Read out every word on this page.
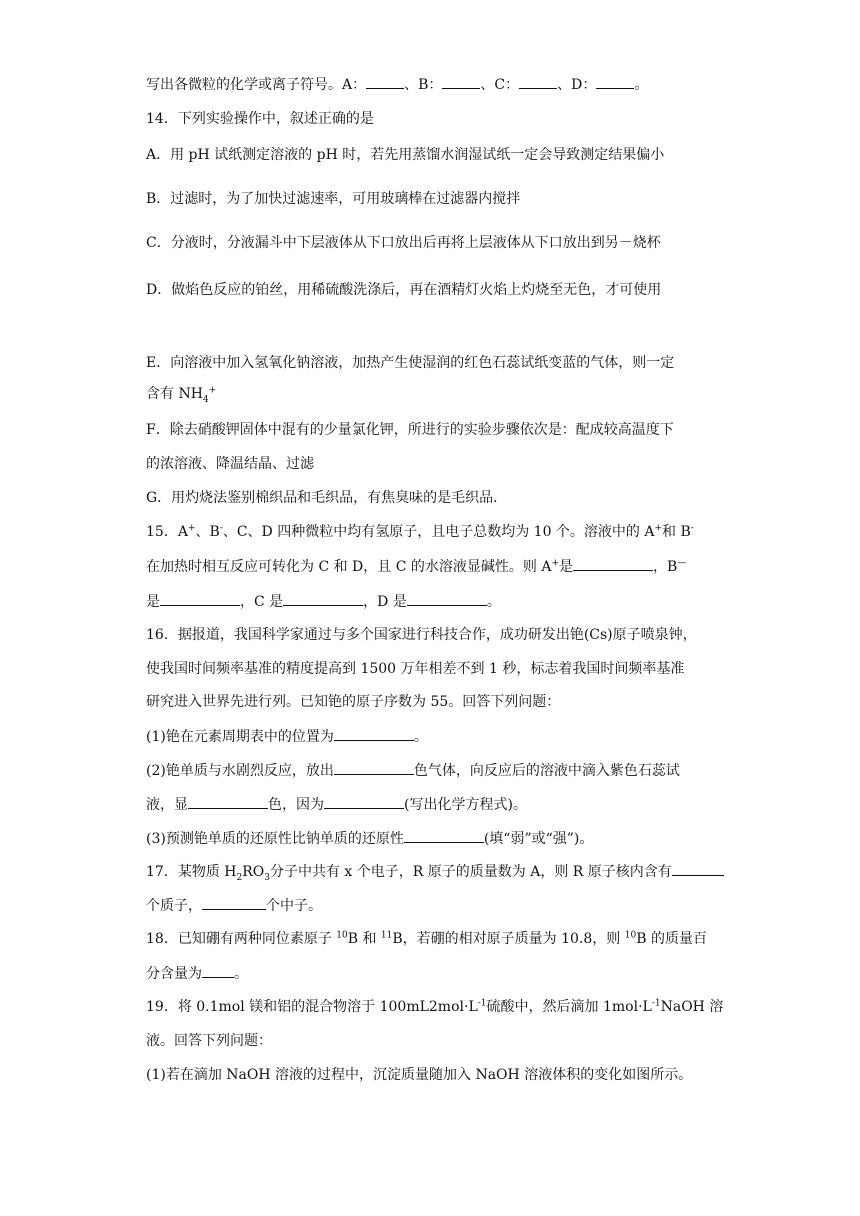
写出各微粒的化学或离子符号。A：	、B：	、C：	、D：	。
14．下列实验操作中，叙述正确的是
A．用 pH 试纸测定溶液的 pH 时，若先用蒸馏水润湿试纸一定会导致测定结果偏小
B．过滤时，为了加快过滤速率，可用玻璃棒在过滤器内搅拌
C．分液时，分液漏斗中下层液体从下口放出后再将上层液体从下口放出到另－烧杯
D．做焰色反应的铂丝，用稀硫酸洗涤后，再在酒精灯火焰上灼烧至无色，才可使用
E．向溶液中加入氢氧化钠溶液，加热产生使湿润的红色石蕊试纸变蓝的气体，则一定
含有 $NH_4^+$
F．除去硝酸钾固体中混有的少量氯化钾，所进行的实验步骤依次是：配成较高温度下
的浓溶液、降温结晶、过滤
G．用灼烧法鉴别棉织品和毛织品，有焦臭味的是毛织品．
15．A+、B-、C、D 四种微粒中均有氢原子，且电子总数均为 10 个。溶液中的 A+和 B-
在加热时相互反应可转化为 C 和 D，且 C 的水溶液显碱性。则 A+是	，B—
是	，C 是	，D 是	。
16．据报道，我国科学家通过与多个国家进行科技合作，成功研发出铯(Cs)原子喷泉钟，
使我国时间频率基准的精度提高到 1500 万年相差不到 1 秒，标志着我国时间频率基准
研究进入世界先进行列。已知铯的原子序数为 55。回答下列问题：
(1)铯在元素周期表中的位置为	。
(2)铯单质与水剧烈反应，放出	色气体，向反应后的溶液中滴入紫色石蕊试
液，显	色，因为	(写出化学方程式)。
(3)预测铯单质的还原性比钠单质的还原性	(填“弱”或“强”)。
17．某物质 $H_2RO_3$分子中共有 x 个电子，R 原子的质量数为 A，则 R 原子核内含有
个质子，	个中子。
18．已知硼有两种同位素原子 $^{10}$B 和 $^{11}$B，若硼的相对原子质量为 10.8，则 $^{10}$B 的质量百
分含量为 。
19．将 0.1mol 镁和铝的混合物溶于 $100mL2mol\cdot L^{-1}$硫酸中，然后滴加 $1mol\cdot L^{-1}NaOH$ 溶
液。回答下列问题：
(1)若在滴加 NaOH 溶液的过程中，沉淀质量随加入 NaOH 溶液体积的变化如图所示。
